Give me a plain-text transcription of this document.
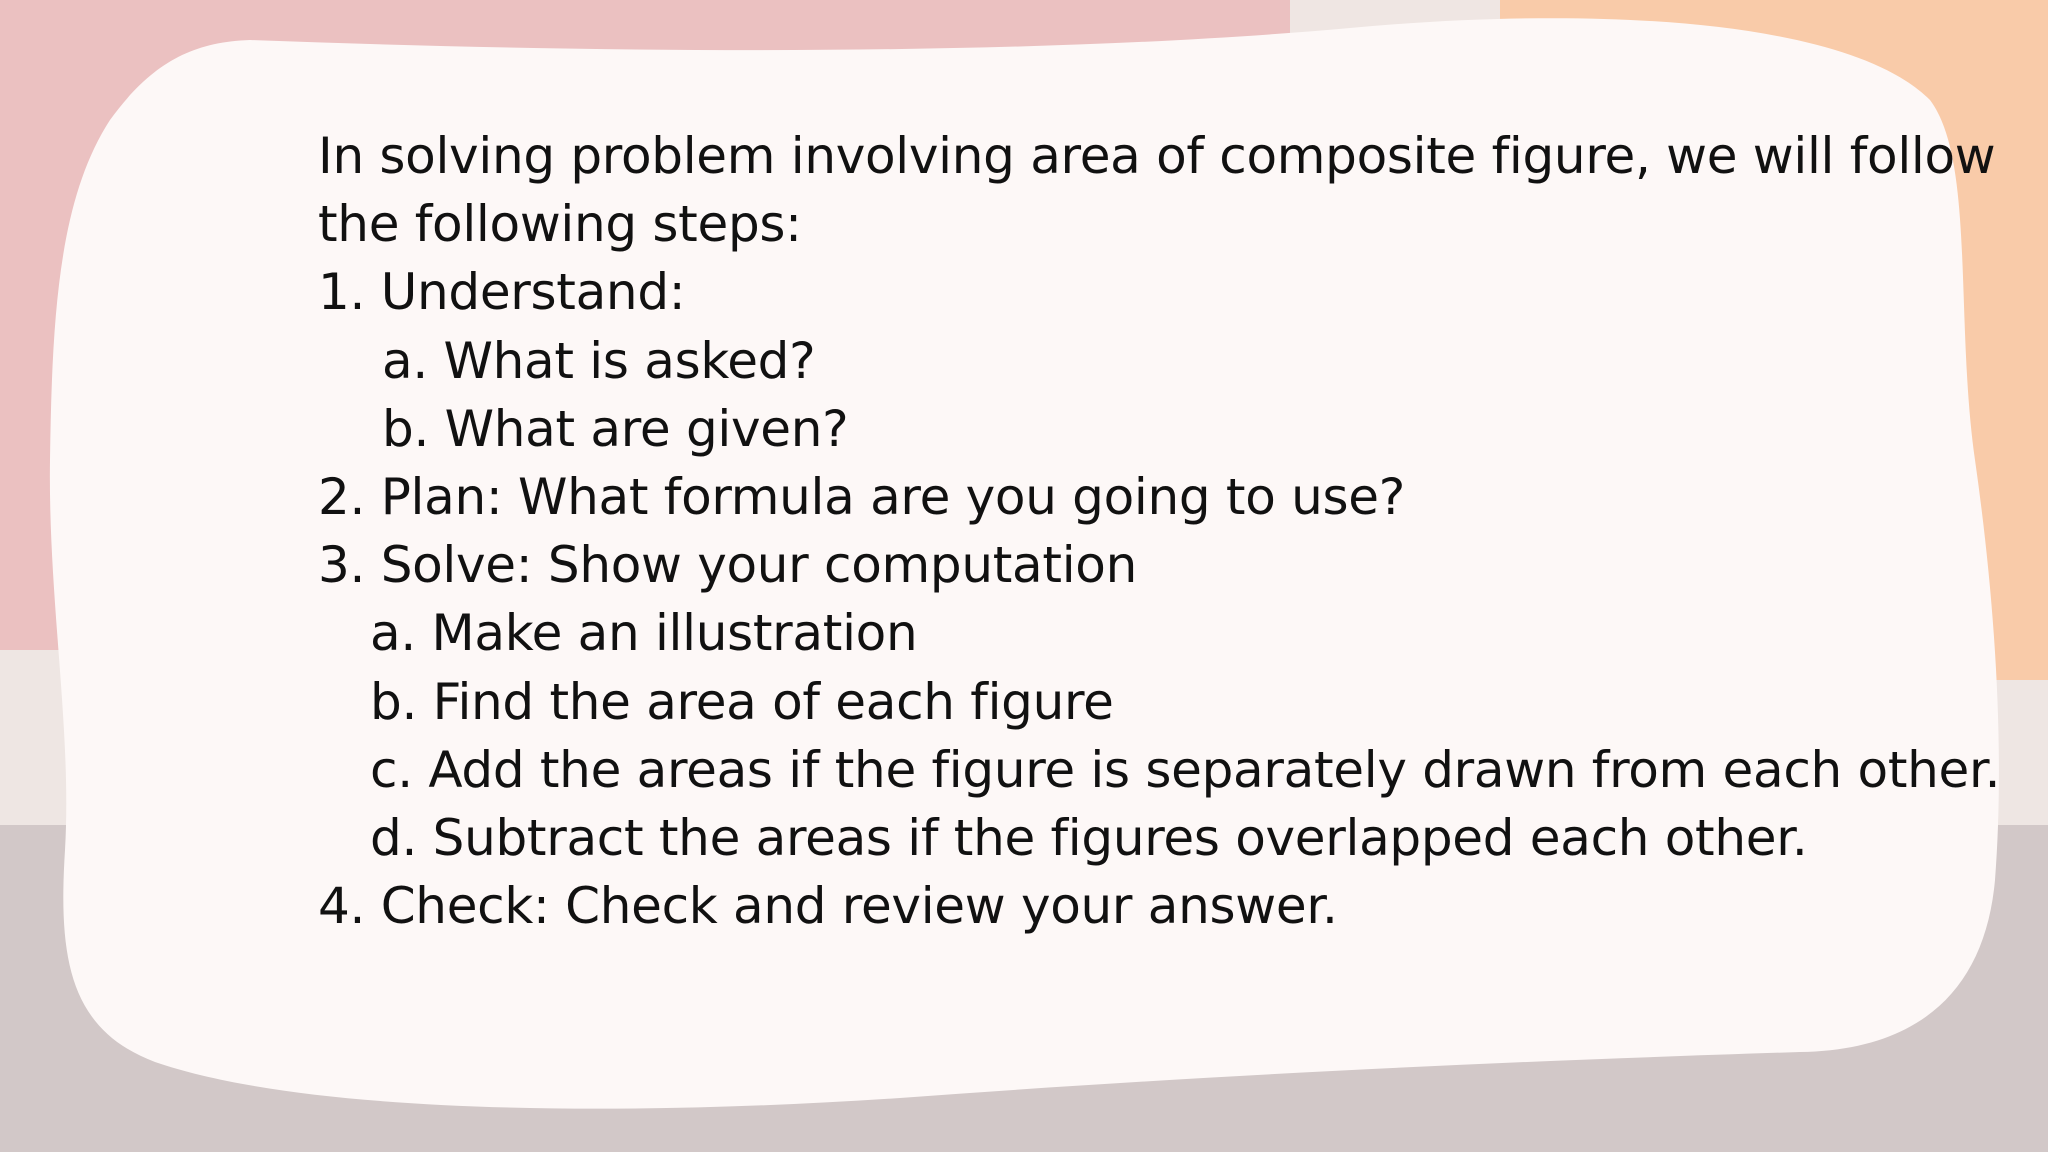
In solving problem involving area of composite figure, we will follow

the following steps:

1. Understand:

a. What is asked?

b. What are given?

2. Plan: What formula are you going to use?

3. Solve: Show your computation

a. Make an illustration

b. Find the area of each figure

c. Add the areas if the figure is separately drawn from each other.

d. Subtract the areas if the figures overlapped each other.

4. Check: Check and review your answer.
